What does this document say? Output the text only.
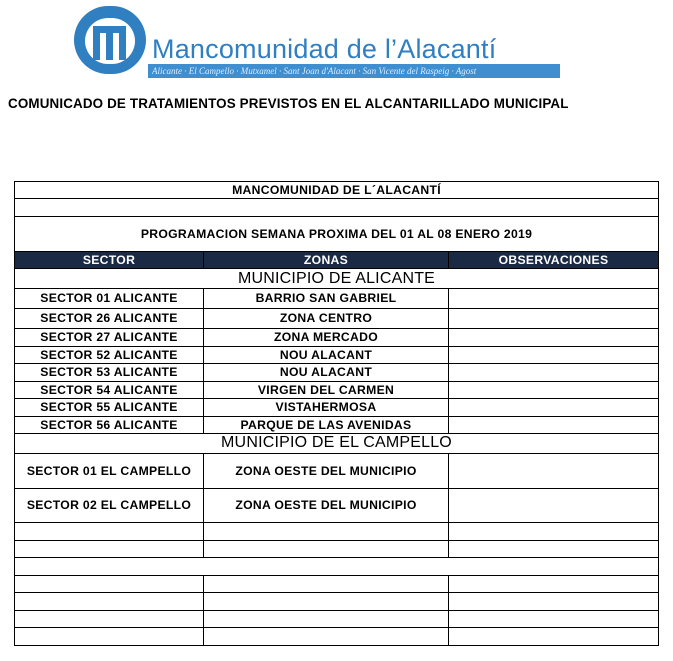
Mancomunidad de l’Alacantí
Alicante · El Campello · Mutxamel · Sant Joan d'Alacant · San Vicente del Raspeig · Agost
COMUNICADO DE TRATAMIENTOS PREVISTOS EN EL ALCANTARILLADO MUNICIPAL
MANCOMUNIDAD DE L´ALACANTÍ		

PROGRAMACION SEMANA PROXIMA DEL 01 AL 08 ENERO 2019		
SECTOR	ZONAS	OBSERVACIONES
MUNICIPIO DE ALICANTE		
SECTOR 01 ALICANTE	BARRIO SAN GABRIEL	
SECTOR 26 ALICANTE	ZONA CENTRO	
SECTOR 27 ALICANTE	ZONA MERCADO	
SECTOR 52 ALICANTE	NOU ALACANT	
SECTOR 53 ALICANTE	NOU ALACANT	
SECTOR 54 ALICANTE	VIRGEN DEL CARMEN	
SECTOR 55 ALICANTE	VISTAHERMOSA	
SECTOR 56 ALICANTE	PARQUE DE LAS AVENIDAS	
MUNICIPIO DE EL CAMPELLO		
SECTOR 01 EL CAMPELLO	ZONA OESTE DEL MUNICIPIO	
SECTOR 02 EL CAMPELLO	ZONA OESTE DEL MUNICIPIO	
